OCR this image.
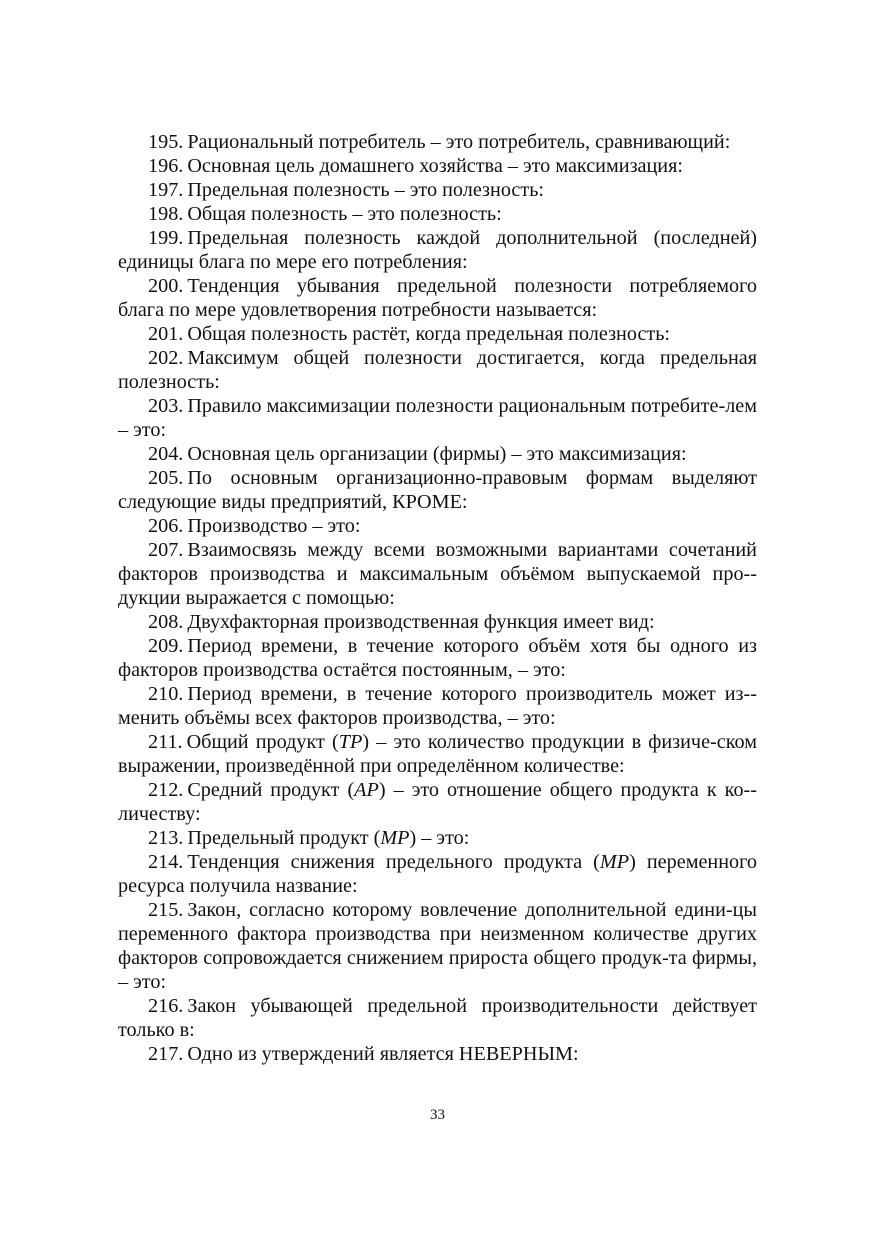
195. Рациональный потребитель – это потребитель, сравнивающий:

196. Основная цель домашнего хозяйства – это максимизация:

197. Предельная полезность – это полезность:

198. Общая полезность – это полезность:

199. Предельная полезность каждой дополнительной (последней) единицы блага по мере его потребления:

200. Тенденция убывания предельной полезности потребляемого блага по мере удовлетворения потребности называется:

201. Общая полезность растёт, когда предельная полезность:

202. Максимум общей полезности достигается, когда предельная полезность:

203. Правило максимизации полезности рациональным потребите-лем – это:

204. Основная цель организации (фирмы) – это максимизация:

205. По основным организационно-правовым формам выделяют следующие виды предприятий, КРОМЕ:

206. Производство – это:

207. Взаимосвязь между всеми возможными вариантами сочетаний факторов производства и максимальным объёмом выпускаемой про-дукции выражается с помощью:

208. Двухфакторная производственная функция имеет вид:

209. Период времени, в течение которого объём хотя бы одного из факторов производства остаётся постоянным, – это:

210. Период времени, в течение которого производитель может из-менить объёмы всех факторов производства, – это:

211. Общий продукт (ТР) – это количество продукции в физиче-ском выражении, произведённой при определённом количестве:

212. Средний продукт (АР) – это отношение общего продукта к ко-личеству:

213. Предельный продукт (МР) – это:

214. Тенденция снижения предельного продукта (МР) переменного ресурса получила название:

215. Закон, согласно которому вовлечение дополнительной едини-цы переменного фактора производства при неизменном количестве других факторов сопровождается снижением прироста общего продук-та фирмы, – это:

216. Закон убывающей предельной производительности действует только в:

217. Одно из утверждений является НЕВЕРНЫМ:

33
